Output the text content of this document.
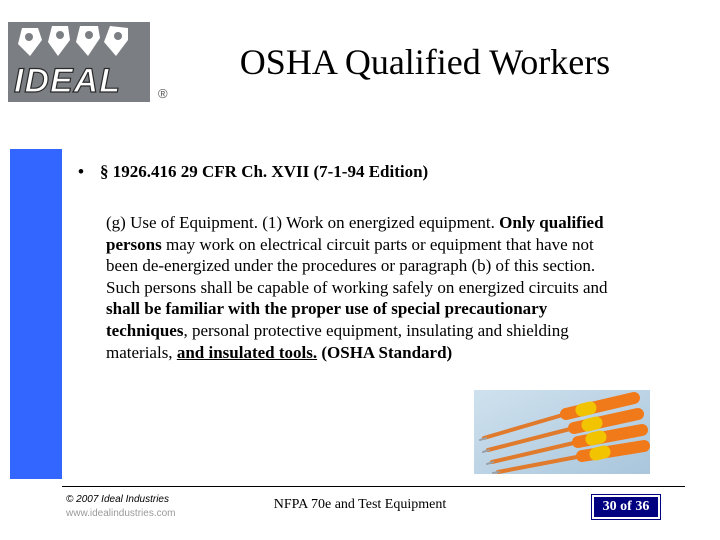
IDEAL	®
OSHA Qualified Workers
• § 1926.416 29 CFR Ch. XVII (7-1-94 Edition)

(g) Use of Equipment. (1) Work on energized equipment. Only qualified persons may work on electrical circuit parts or equipment that have not been de-energized under the procedures or paragraph (b) of this section. Such persons shall be capable of working safely on energized circuits and shall be familiar with the proper use of special precautionary techniques, personal protective equipment, insulating and shielding materials, and insulated tools. (OSHA Standard)

© 2007 Ideal Industries
www.idealindustries.com
NFPA 70e and Test Equipment	30 of 36
